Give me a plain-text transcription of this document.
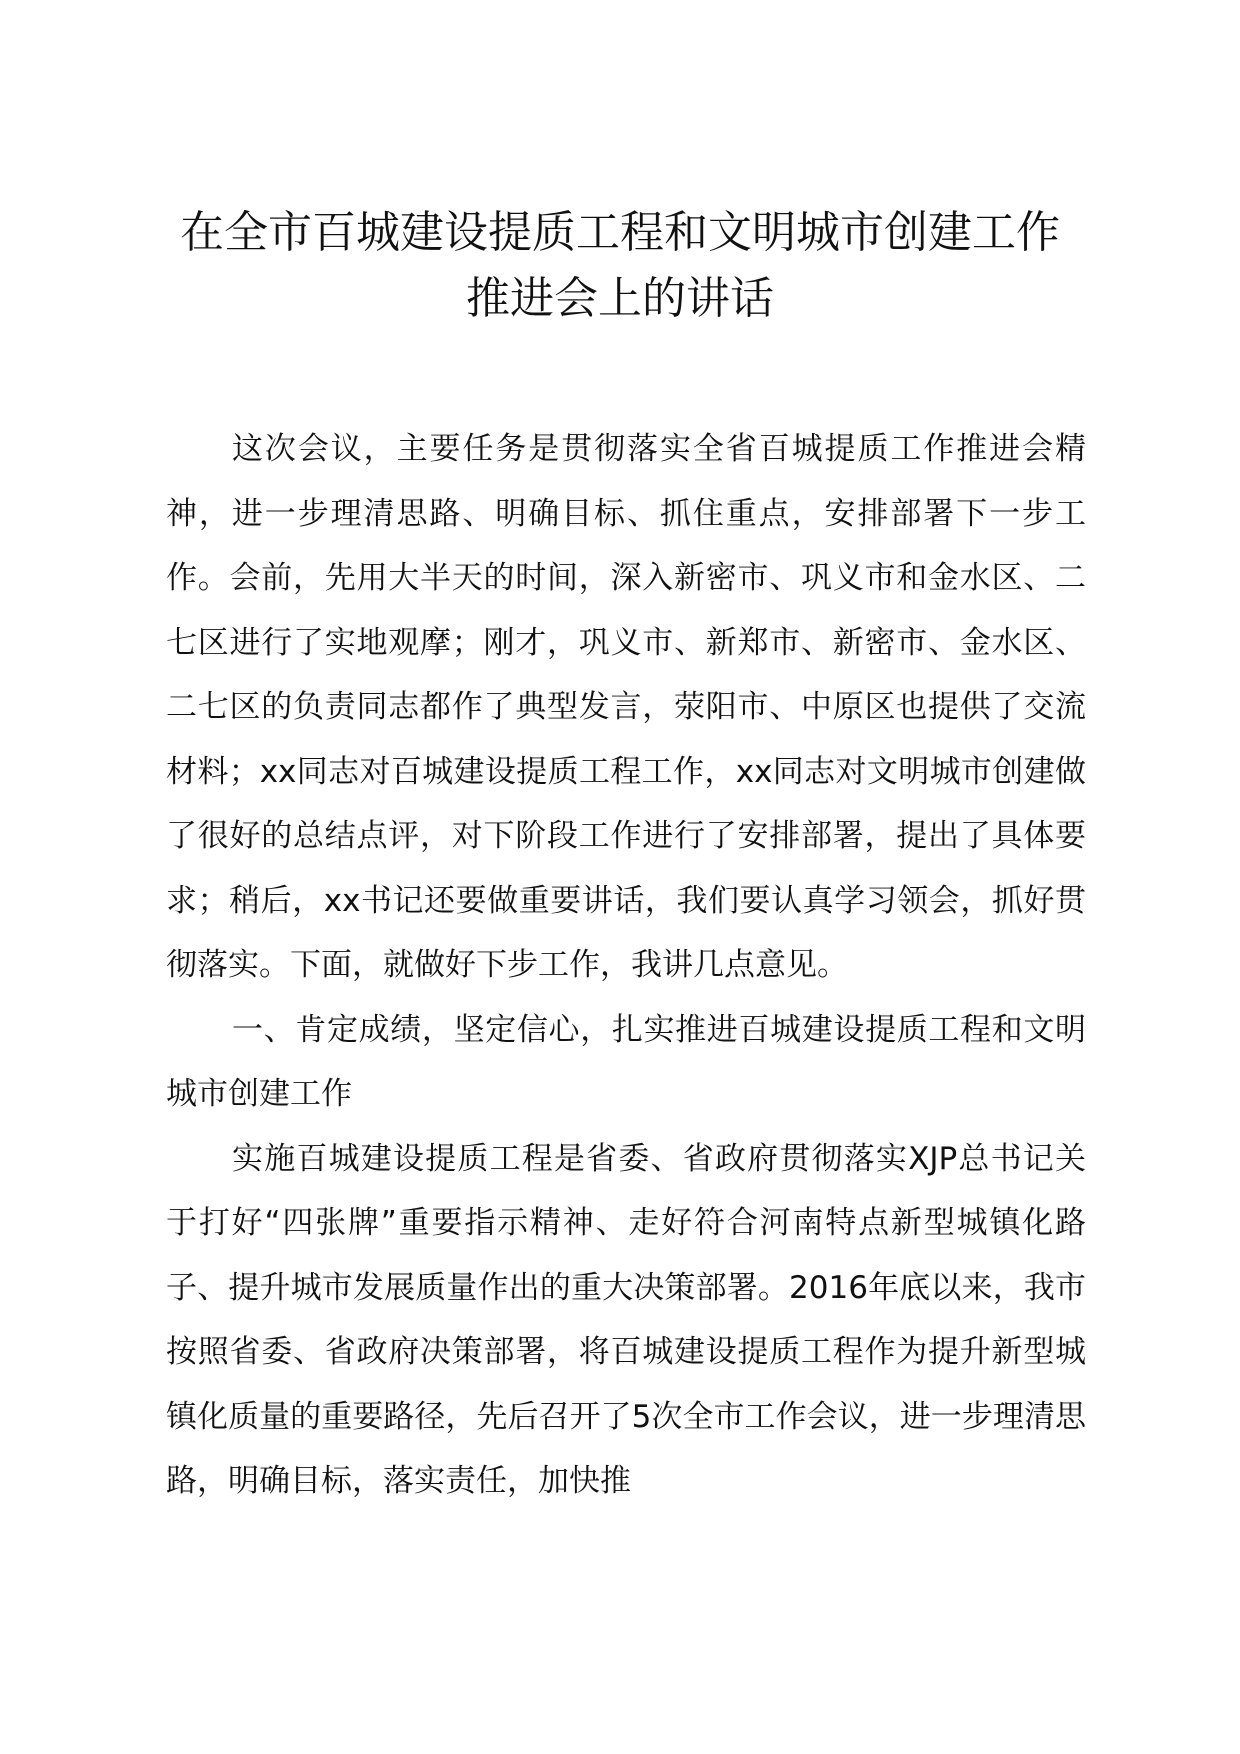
在全市百城建设提质工程和文明城市创建工作推进会上的讲话

这次会议，主要任务是贯彻落实全省百城提质工作推进会精神，进一步理清思路、明确目标、抓住重点，安排部署下一步工作。会前，先用大半天的时间，深入新密市、巩义市和金水区、二七区进行了实地观摩；刚才，巩义市、新郑市、新密市、金水区、二七区的负责同志都作了典型发言，荥阳市、中原区也提供了交流材料；xx同志对百城建设提质工程工作，xx同志对文明城市创建做了很好的总结点评，对下阶段工作进行了安排部署，提出了具体要求；稍后，xx书记还要做重要讲话，我们要认真学习领会，抓好贯彻落实。下面，就做好下步工作，我讲几点意见。

一、肯定成绩，坚定信心，扎实推进百城建设提质工程和文明城市创建工作

实施百城建设提质工程是省委、省政府贯彻落实XJP总书记关于打好“四张牌”重要指示精神、走好符合河南特点新型城镇化路子、提升城市发展质量作出的重大决策部署。2016年底以来，我市按照省委、省政府决策部署，将百城建设提质工程作为提升新型城镇化质量的重要路径，先后召开了5次全市工作会议，进一步理清思路，明确目标，落实责任，加快推
